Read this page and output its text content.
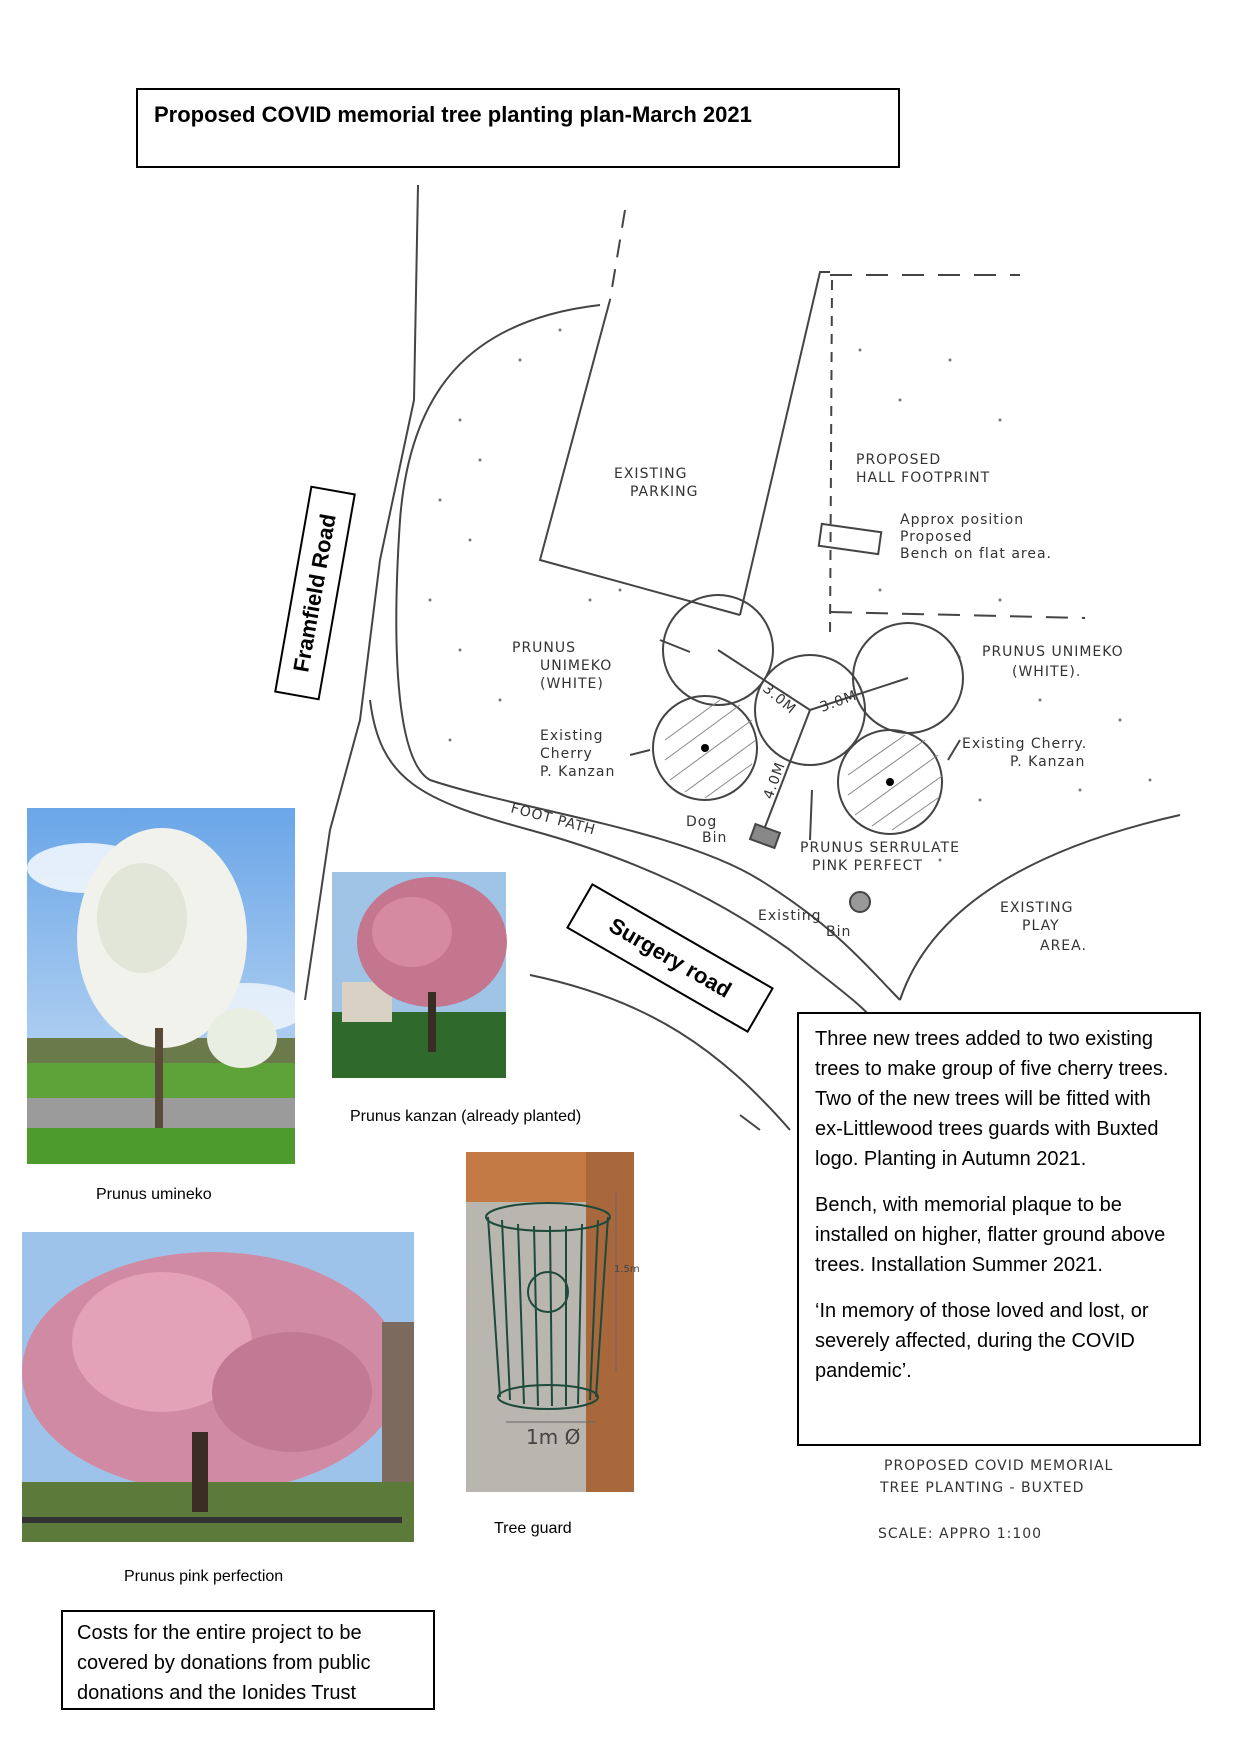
Proposed COVID memorial tree planting plan-March 2021
EXISTING
PARKING
PROPOSED
HALL FOOTPRINT
Approx position
Proposed
Bench on flat area.
PRUNUS
UNIMEKO
(WHITE)
PRUNUS UNIMEKO
(WHITE).
Existing
Cherry
P. Kanzan
Existing Cherry.
P. Kanzan
3.0M 3.0M
4.0M
FOOT PATH	Dog
Bin
PRUNUS SERRULATE
PINK PERFECT
Existing
Bin
EXISTING
PLAY
AREA.
PROPOSED COVID MEMORIAL
TREE PLANTING - BUXTED
SCALE: APPRO 1:100
Framfield Road
Surgery road
Prunus umineko
Prunus kanzan (already planted)
1.5m
1m Ø
Tree guard
Prunus pink perfection

Three new trees added to two existing trees to make group of five cherry trees. Two of the new trees will be fitted with ex-Littlewood trees guards with Buxted logo. Planting in Autumn 2021.

Bench, with memorial plaque to be installed on higher, flatter ground above trees. Installation Summer 2021.

‘In memory of those loved and lost, or severely affected, during the COVID pandemic’.

Costs for the entire project to be covered by donations from public donations and the Ionides Trust
